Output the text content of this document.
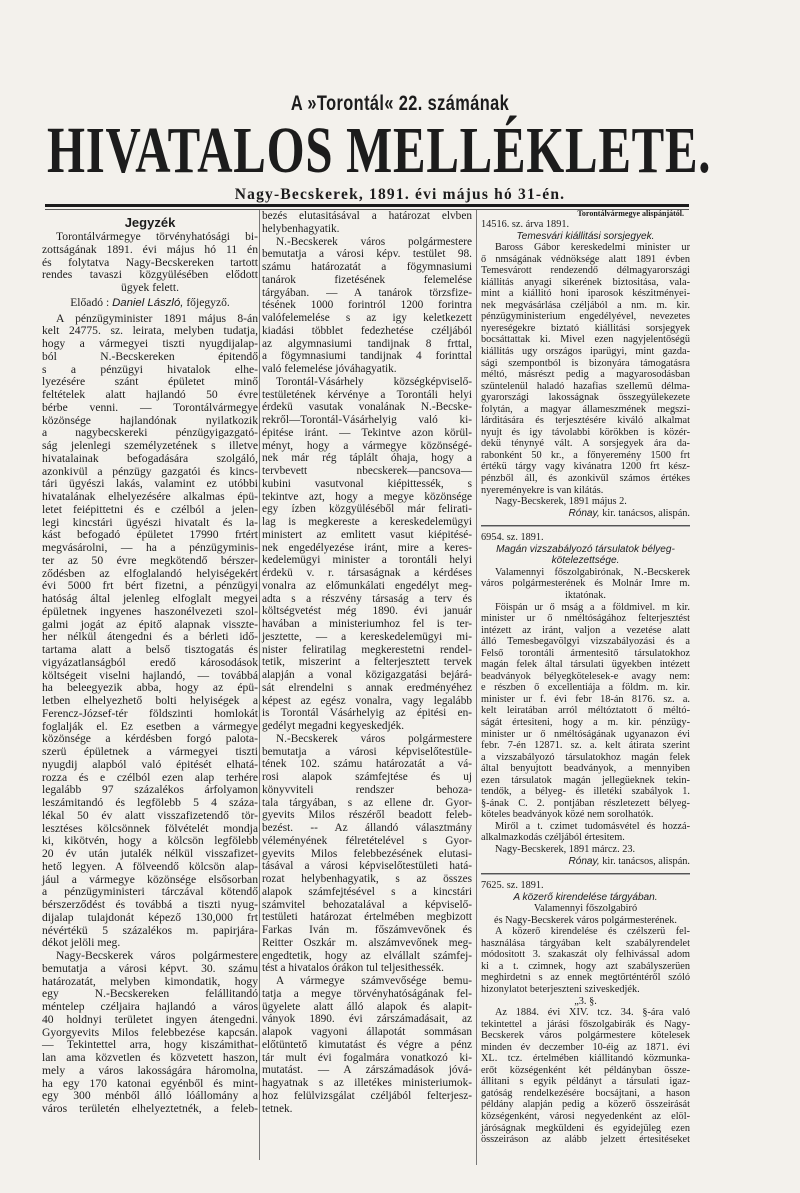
A »Torontál« 22. számának
HIVATALOS MELLÉKLETE.
Nagy-Becskerek, 1891. évi május hó 31-én.
Jegyzék
Torontálvármegye törvényhatósági bi-
zottságának 1891. évi május hó 11 én
és folytatva Nagy-Becskereken tartott
rendes tavaszi közgyülésében elődott
ügyek felett.
Előadó : Daniel László, főjegyző.
A pénzügyminister 1891 május 8-án
kelt 24775. sz. leirata, melyben tudatja,
hogy a vármegyei tiszti nyugdijalap-
ból N.-Becskereken épitendő
s a pénzügyi hivatalok elhe-
lyezésére szánt épületet minő
feltételek alatt hajlandó 50 évre
bérbe venni. — Torontálvármegye
közönsége hajlandónak nyilatkozik
a nagybecskereki pénzügyigazgató-
ság jelenlegi személyzetének s illetve
hivatalainak befogadására szolgáló,
azonkivül a pénzügy gazgatói és kincs-
tári ügyészi lakás, valamint ez utóbbi
hivatalának elhelyezésére alkalmas épü-
letet feiépittetni és e czélból a jelen-
legi kincstári ügyészi hivatalt és la-
kást befogadó épületet 17990 frtért
megvásárolni, — ha a pénzügyminis-
ter az 50 évre megkötendő bérszer-
ződésben az elfoglalandó helyiségekért
évi 5000 frt bért fizetni, a pénzügyi
hatóság által jelenleg elfoglalt megyei
épületnek ingyenes haszonélvezeti szol-
galmi jogát az épitő alapnak visszte-
her nélkül átengedni és a bérleti idő-
tartama alatt a belső tisztogatás és
vigyázatlanságból eredő károsodások
költségeit viselni hajlandó, — továbbá
ha beleegyezik abba, hogy az épü-
letben elhelyezhető bolti helyiségek a
Ferencz-József-tér földszinti homlokát
foglalják el. Ez esetben a vármegye
közönsége a kérdésben forgó palota-
szerü épületnek a vármegyei tiszti
nyugdij alapból való épitését elhatá-
rozza és e czélból ezen alap terhére
legalább 97 százalékos árfolyamon
leszámitandó és legfölebb 5 4 száza-
lékal 50 év alatt visszafizetendő tör-
lesztéses kölcsönnek fölvételét mondja
ki, kikötvén, hogy a kölcsön legfölebb
20 év után jutalék nélkül visszafizet-
hető legyen. A fölveendő kölcsön alap-
jául a vármegye közönsége elsősorban
a pénzügyministeri tárczával kötendő
bérszerződést és továbbá a tiszti nyug-
dijalap tulajdonát képező 130,000 frt
névértékü 5 százalékos m. papirjára-
dékot jelöli meg.
Nagy-Becskerek város polgármestere
bemutatja a városi képvt. 30. számu
határozatát, melyben kimondatik, hogy
egy N.-Becskereken felállitandó
méntelep czéljaira hajlandó a város
40 holdnyi területet ingyen átengedni.
Gyorgyevits Milos felebbezése kapcsán.
— Tekintettel arra, hogy kiszámithat-
lan ama közvetlen és közvetett haszon,
mely a város lakosságára háromolna,
ha egy 170 katonai egyénből és mint-
egy 300 ménből álló lóállomány a
város területén elhelyeztetnék, a feleb-
bezés elutasitásával a határozat elvben
helybenhagyatik.
N.-Becskerek város polgármestere
bemutatja a városi képv. testület 98.
számu határozatát a fögymnasiumi
tanárok fizetésének felemelése
tárgyában. — A tanárok törzsfize-
tésének 1000 forintról 1200 forintra
valófelemelése s az igy keletkezett
kiadási többlet fedezhetése czéljából
az algymnasiumi tandijnak 8 frttal,
a fögymnasiumi tandijnak 4 forinttal
való felemelése jóváhagyatik.
Torontál-Vásárhely községképviselő-
testületének kérvénye a Torontáli helyi
érdekü vasutak vonalának N.-Becske-
rekről—Torontál-Vásárhelyig való ki-
épitése iránt. — Tekintve azon körül-
ményt, hogy a vármegye közönségé-
nek már rég táplált óhaja, hogy a
tervbevett nbecskerek—pancsova—
kubini vasutvonal kiépittessék, s
tekintve azt, hogy a megye közönsége
egy ízben közgyüléséből már felirati-
lag is megkereste a kereskedelemügyi
ministert az emlitett vasut kiépitésé-
nek engedélyezése iránt, mire a keres-
kedelemügyi minister a torontáli helyi
érdekü v. r. társaságnak a kérdéses
vonalra az előmunkálati engedélyt meg-
adta s a részvény társaság a terv és
költségvetést még 1890. évi január
havában a ministeriumhoz fel is ter-
jesztette, — a kereskedelemügyi mi-
nister feliratilag megkerestetni rendel-
tetik, miszerint a felterjesztett tervek
alapján a vonal közigazgatási bejárá-
sát elrendelni s annak eredményéhez
képest az egész vonalra, vagy legalább
is Torontál Vásárhelyig az épitési en-
gedélyt megadni kegyeskedjék.
N.-Becskerek város polgármestere
bemutatja a városi képviselőtestüle-
tének 102. számu határozatát a vá-
rosi alapok számfejtése és uj
könyvviteli rendszer behoza-
tala tárgyában, s az ellene dr. Gyor-
gyevits Milos részéről beadott feleb-
bezést. -- Az állandó választmány
véleményének félretételével s Gyor-
gyevits Milos felebbezésének elutasi-
tásával a városi képviselőtestületi hatá-
rozat helybenhagyatik, s az összes
alapok számfejtésével s a kincstári
számvitel behozatalával a képviselő-
testületi határozat értelmében megbizott
Farkas Iván m. főszámvevőnek és
Reitter Oszkár m. alszámvevőnek meg-
engedtetik, hogy az elvállalt számfej-
tést a hivatalos órákon tul teljesithessék.
A vármegye számvevősége bemu-
tatja a megye törvényhatóságának fel-
ügyelete alatt álló alapok és alapit-
ványok 1890. évi zárszámadásait, az
alapok vagyoni állapotát sommásan
előtüntető kimutatást és végre a pénz
tár mult évi fogalmára vonatkozó ki-
mutatást. — A zárszámadások jóvá-
hagyatnak s az illetékes ministeriumok-
hoz felülvizsgálat czéljából felterjesz-
tetnek.
Torontálvármegye alispánjától.
14516. sz. árva 1891.
Temesvári kiállitási sorsjegyek.
Baross Gábor kereskedelmi minister ur
ő nmságának védnöksége alatt 1891 évben
Temesvárott rendezendő délmagyarországi
kiállitás anyagi sikerének biztositása, vala-
mint a kiállitó honi iparosok készitményei-
nek megvásárlása czéljából a nm. m. kir.
pénzügyministerium engedélyével, nevezetes
nyereségekre biztató kiállitási sorsjegyek
bocsáttattak ki. Mivel ezen nagyjelentőségü
kiállitás ugy országos iparügyi, mint gazda-
sági szempontból is bizonyára támogatásra
méltó, másrészt pedig a magyarosodásban
szüntelenül haladó hazafias szellemü délma-
gyarországi lakosságnak összegyülekezete
folytán, a magyar állameszmének megszi-
lárditására és terjesztésére kiváló alkalmat
nyujt és igy távolabbi körökben is közér-
dekü ténynyé vált. A sorsjegyek ára da-
rabonként 50 kr., a főnyeremény 1500 frt
értékü tárgy vagy kivánatra 1200 frt kész-
pénzből áll, és azonkivül számos értékes
nyereményekre is van kilátás.
Nagy-Becskerek, 1891 május 2.
Rónay, kir. tanácsos, alispán.
6954. sz. 1891.
Magán vizszabályozó társulatok bélyeg-
kötelezettsége.
Valamennyi főszolgabirónak, N.-Becskerek
város polgármesterének és Molnár Imre m.
iktatónak.
Föispán ur ő mság a a földmivel. m kir.
minister ur ő nméltóságához felterjesztést
intézett az iránt, valjon a vezetése alatt
álló Temesbegavölgyi vizszabályozási és a
Felső torontáli ármentesitő társulatokhoz
magán felek által társulati ügyekben intézett
beadványok bélyegkötelesek-e avagy nem:
e részben ő excellentiája a földm. m. kir.
minister ur f. évi febr 18-án 8176. sz. a.
kelt leiratában arról méltóztatott ő méltó-
ságát értesiteni, hogy a m. kir. pénzügy-
minister ur ő nméltóságának ugyanazon évi
febr. 7-én 12871. sz. a. kelt átirata szerint
a vizszabályozó társulatokhoz magán felek
által benyujtott beadványok, a mennyiben
ezen társulatok magán jellegüeknek tekin-
tendők, a bélyeg- és illetéki szabályok 1.
§-ának C. 2. pontjában részletezett bélyeg-
köteles beadványok közé nem sorolhatók.
Miről a t. czimet tudomásvétel és hozzá-
alkalmazkodás czéljából értesitem.
Nagy-Becskerek, 1891 márcz. 23.
Rónay, kir. tanácsos, alispán.
7625. sz. 1891.
A közerő kirendelése tárgyában.
Valamennyi főszolgabiró
és Nagy-Becskerek város polgármesterének.
A közerő kirendelése és czélszerü fel-
használása tárgyában kelt szabályrendelet
módositott 3. szakaszát oly felhivással adom
ki a t. czimnek, hogy azt szabályszerüen
meghirdetni s az ennek megtörténtéről szóló
hizonylatot beterjeszteni sziveskedjék.
„3. §.
Az 1884. évi XIV. tcz. 34. §-ára való
tekintettel a járási főszolgabirák és Nagy-
Becskerek város polgármestere kötelesek
minden év deczember 10-éig az 1871. évi
XL. tcz. értelmében kiállitandó közmunka-
erőt községenként két példányban össze-
állitani s egyik példányt a társulati igaz-
gatóság rendelkezésére bocsájtani, a hason
példány alapján pedig a közerő összeirását
községenként, városi negyedenként az elöl-
járóságnak megküldeni és egyidejüleg ezen
összeiráson az alább jelzett értesitéseket
